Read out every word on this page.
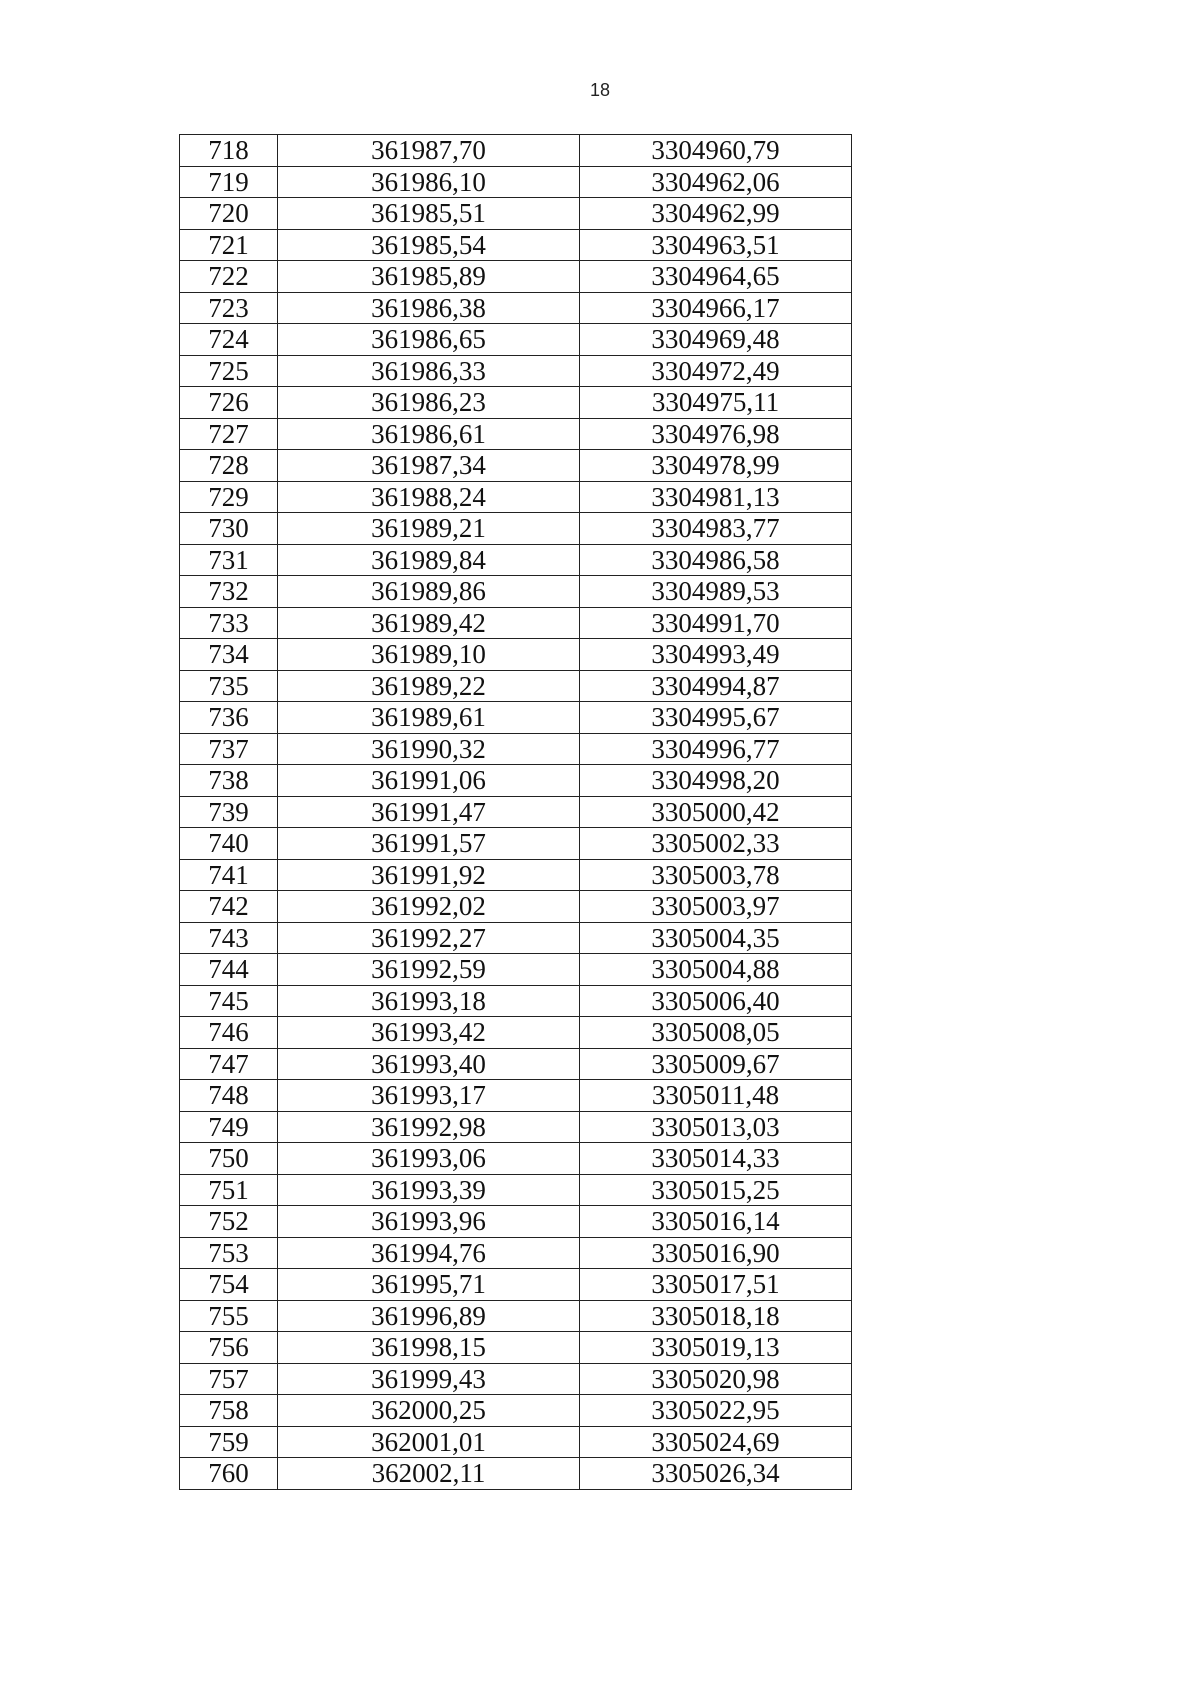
18
718	361987,70	3304960,79
719	361986,10	3304962,06
720	361985,51	3304962,99
721	361985,54	3304963,51
722	361985,89	3304964,65
723	361986,38	3304966,17
724	361986,65	3304969,48
725	361986,33	3304972,49
726	361986,23	3304975,11
727	361986,61	3304976,98
728	361987,34	3304978,99
729	361988,24	3304981,13
730	361989,21	3304983,77
731	361989,84	3304986,58
732	361989,86	3304989,53
733	361989,42	3304991,70
734	361989,10	3304993,49
735	361989,22	3304994,87
736	361989,61	3304995,67
737	361990,32	3304996,77
738	361991,06	3304998,20
739	361991,47	3305000,42
740	361991,57	3305002,33
741	361991,92	3305003,78
742	361992,02	3305003,97
743	361992,27	3305004,35
744	361992,59	3305004,88
745	361993,18	3305006,40
746	361993,42	3305008,05
747	361993,40	3305009,67
748	361993,17	3305011,48
749	361992,98	3305013,03
750	361993,06	3305014,33
751	361993,39	3305015,25
752	361993,96	3305016,14
753	361994,76	3305016,90
754	361995,71	3305017,51
755	361996,89	3305018,18
756	361998,15	3305019,13
757	361999,43	3305020,98
758	362000,25	3305022,95
759	362001,01	3305024,69
760	362002,11	3305026,34
